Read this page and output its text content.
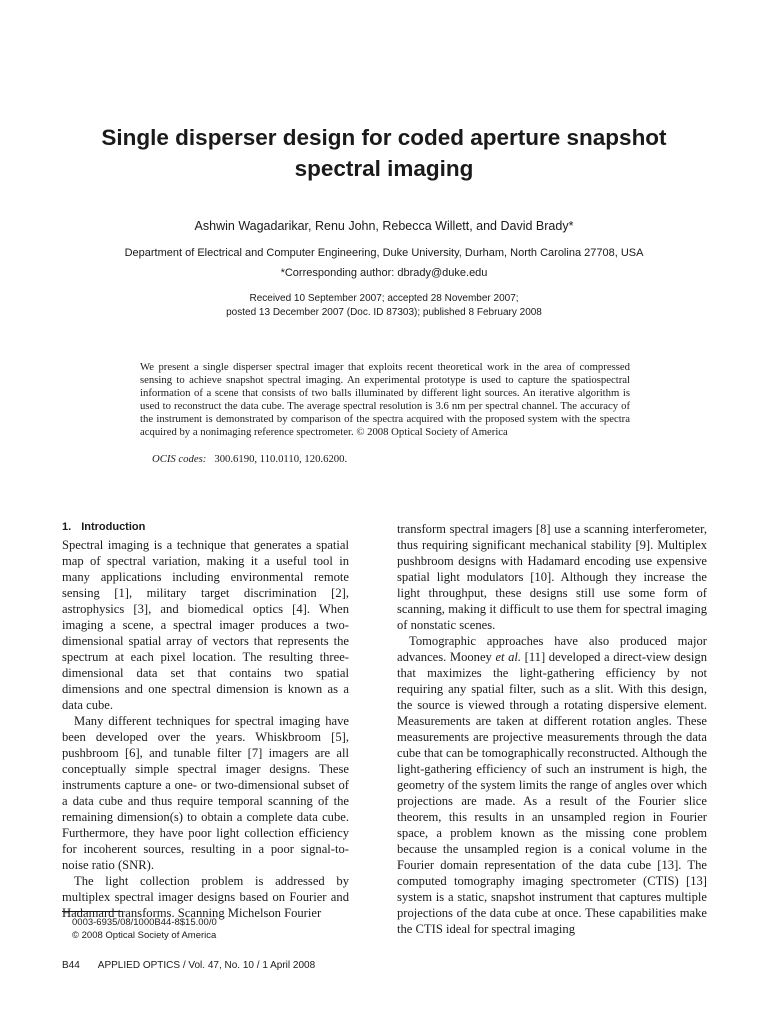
Single disperser design for coded aperture snapshot spectral imaging
Ashwin Wagadarikar, Renu John, Rebecca Willett, and David Brady*
Department of Electrical and Computer Engineering, Duke University, Durham, North Carolina 27708, USA
*Corresponding author: dbrady@duke.edu
Received 10 September 2007; accepted 28 November 2007;
posted 13 December 2007 (Doc. ID 87303); published 8 February 2008

We present a single disperser spectral imager that exploits recent theoretical work in the area of compressed sensing to achieve snapshot spectral imaging. An experimental prototype is used to capture the spatiospectral information of a scene that consists of two balls illuminated by different light sources. An iterative algorithm is used to reconstruct the data cube. The average spectral resolution is 3.6 nm per spectral channel. The accuracy of the instrument is demonstrated by comparison of the spectra acquired with the proposed system with the spectra acquired by a nonimaging reference spectrometer. © 2008 Optical Society of America

OCIS codes: 300.6190, 110.0110, 120.6200.
1. Introduction

Spectral imaging is a technique that generates a spatial map of spectral variation, making it a useful tool in many applications including environmental remote sensing [1], military target discrimination [2], astrophysics [3], and biomedical optics [4]. When imaging a scene, a spectral imager produces a two-dimensional spatial array of vectors that represents the spectrum at each pixel location. The resulting three-dimensional data set that contains two spatial dimensions and one spectral dimension is known as a data cube.

Many different techniques for spectral imaging have been developed over the years. Whiskbroom [5], pushbroom [6], and tunable filter [7] imagers are all conceptually simple spectral imager designs. These instruments capture a one- or two-dimensional subset of a data cube and thus require temporal scanning of the remaining dimension(s) to obtain a complete data cube. Furthermore, they have poor light collection efficiency for incoherent sources, resulting in a poor signal-to-noise ratio (SNR).

The light collection problem is addressed by multiplex spectral imager designs based on Fourier and Hadamard transforms. Scanning Michelson Fourier

transform spectral imagers [8] use a scanning interferometer, thus requiring significant mechanical stability [9]. Multiplex pushbroom designs with Hadamard encoding use expensive spatial light modulators [10]. Although they increase the light throughput, these designs still use some form of scanning, making it difficult to use them for spectral imaging of nonstatic scenes.

Tomographic approaches have also produced major advances. Mooney et al. [11] developed a direct-view design that maximizes the light-gathering efficiency by not requiring any spatial filter, such as a slit. With this design, the source is viewed through a rotating dispersive element. Measurements are taken at different rotation angles. These measurements are projective measurements through the data cube that can be tomographically reconstructed. Although the light-gathering efficiency of such an instrument is high, the geometry of the system limits the range of angles over which projections are made. As a result of the Fourier slice theorem, this results in an unsampled region in Fourier space, a problem known as the missing cone problem because the unsampled region is a conical volume in the Fourier domain representation of the data cube [13]. The computed tomography imaging spectrometer (CTIS) [13] system is a static, snapshot instrument that captures multiple projections of the data cube at once. These capabilities make the CTIS ideal for spectral imaging

0003-6935/08/1000B44-8$15.00/0
© 2008 Optical Society of America
B44 APPLIED OPTICS / Vol. 47, No. 10 / 1 April 2008
